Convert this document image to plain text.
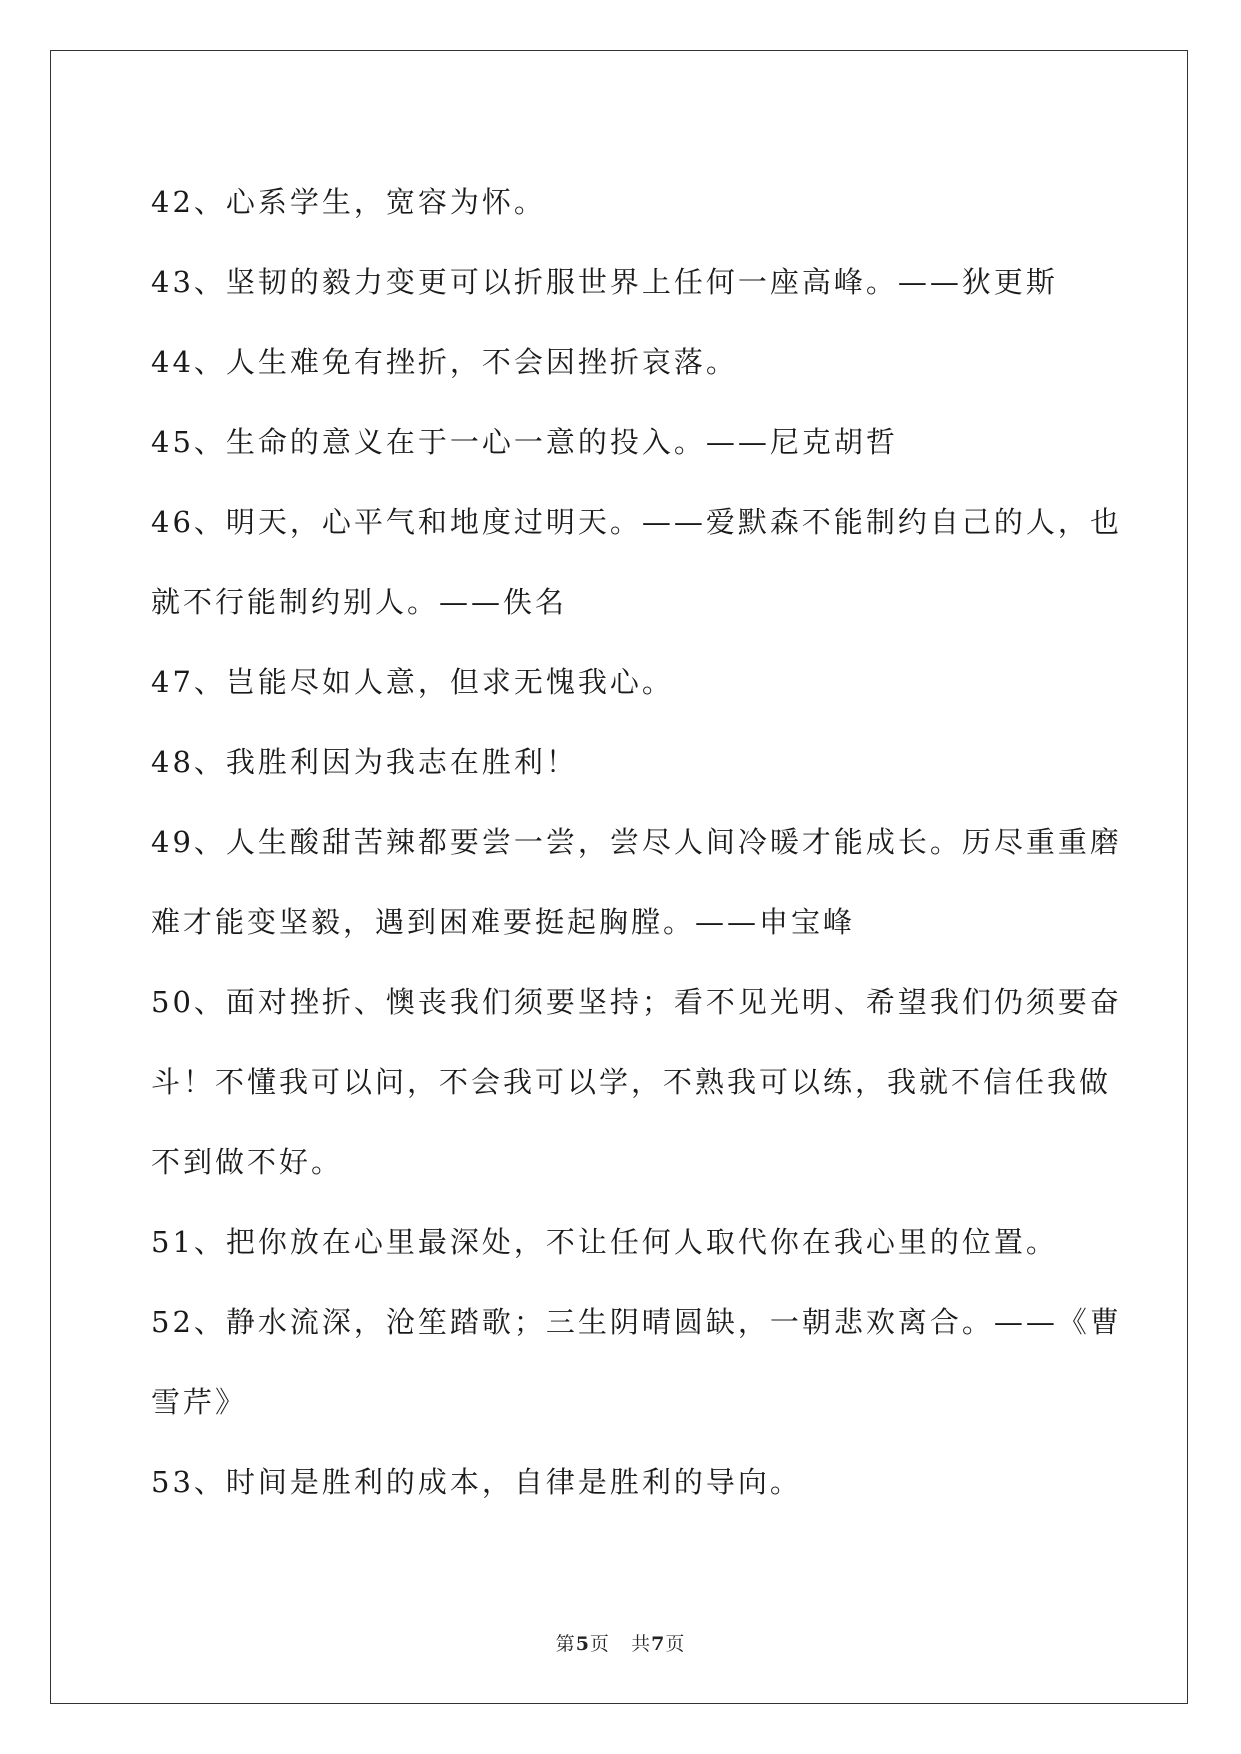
42、心系学生，宽容为怀。

43、坚韧的毅力变更可以折服世界上任何一座高峰。——狄更斯

44、人生难免有挫折，不会因挫折哀落。

45、生命的意义在于一心一意的投入。——尼克胡哲

46、明天，心平气和地度过明天。——爱默森不能制约自己的人，也

就不行能制约别人。——佚名

47、岂能尽如人意，但求无愧我心。

48、我胜利因为我志在胜利！

49、人生酸甜苦辣都要尝一尝，尝尽人间冷暖才能成长。历尽重重磨

难才能变坚毅，遇到困难要挺起胸膛。——申宝峰

50、面对挫折、懊丧我们须要坚持；看不见光明、希望我们仍须要奋

斗！不懂我可以问，不会我可以学，不熟我可以练，我就不信任我做

不到做不好。

51、把你放在心里最深处，不让任何人取代你在我心里的位置。

52、静水流深，沧笙踏歌；三生阴晴圆缺，一朝悲欢离合。——《曹

雪芹》

53、时间是胜利的成本，自律是胜利的导向。

第5页 共7页
